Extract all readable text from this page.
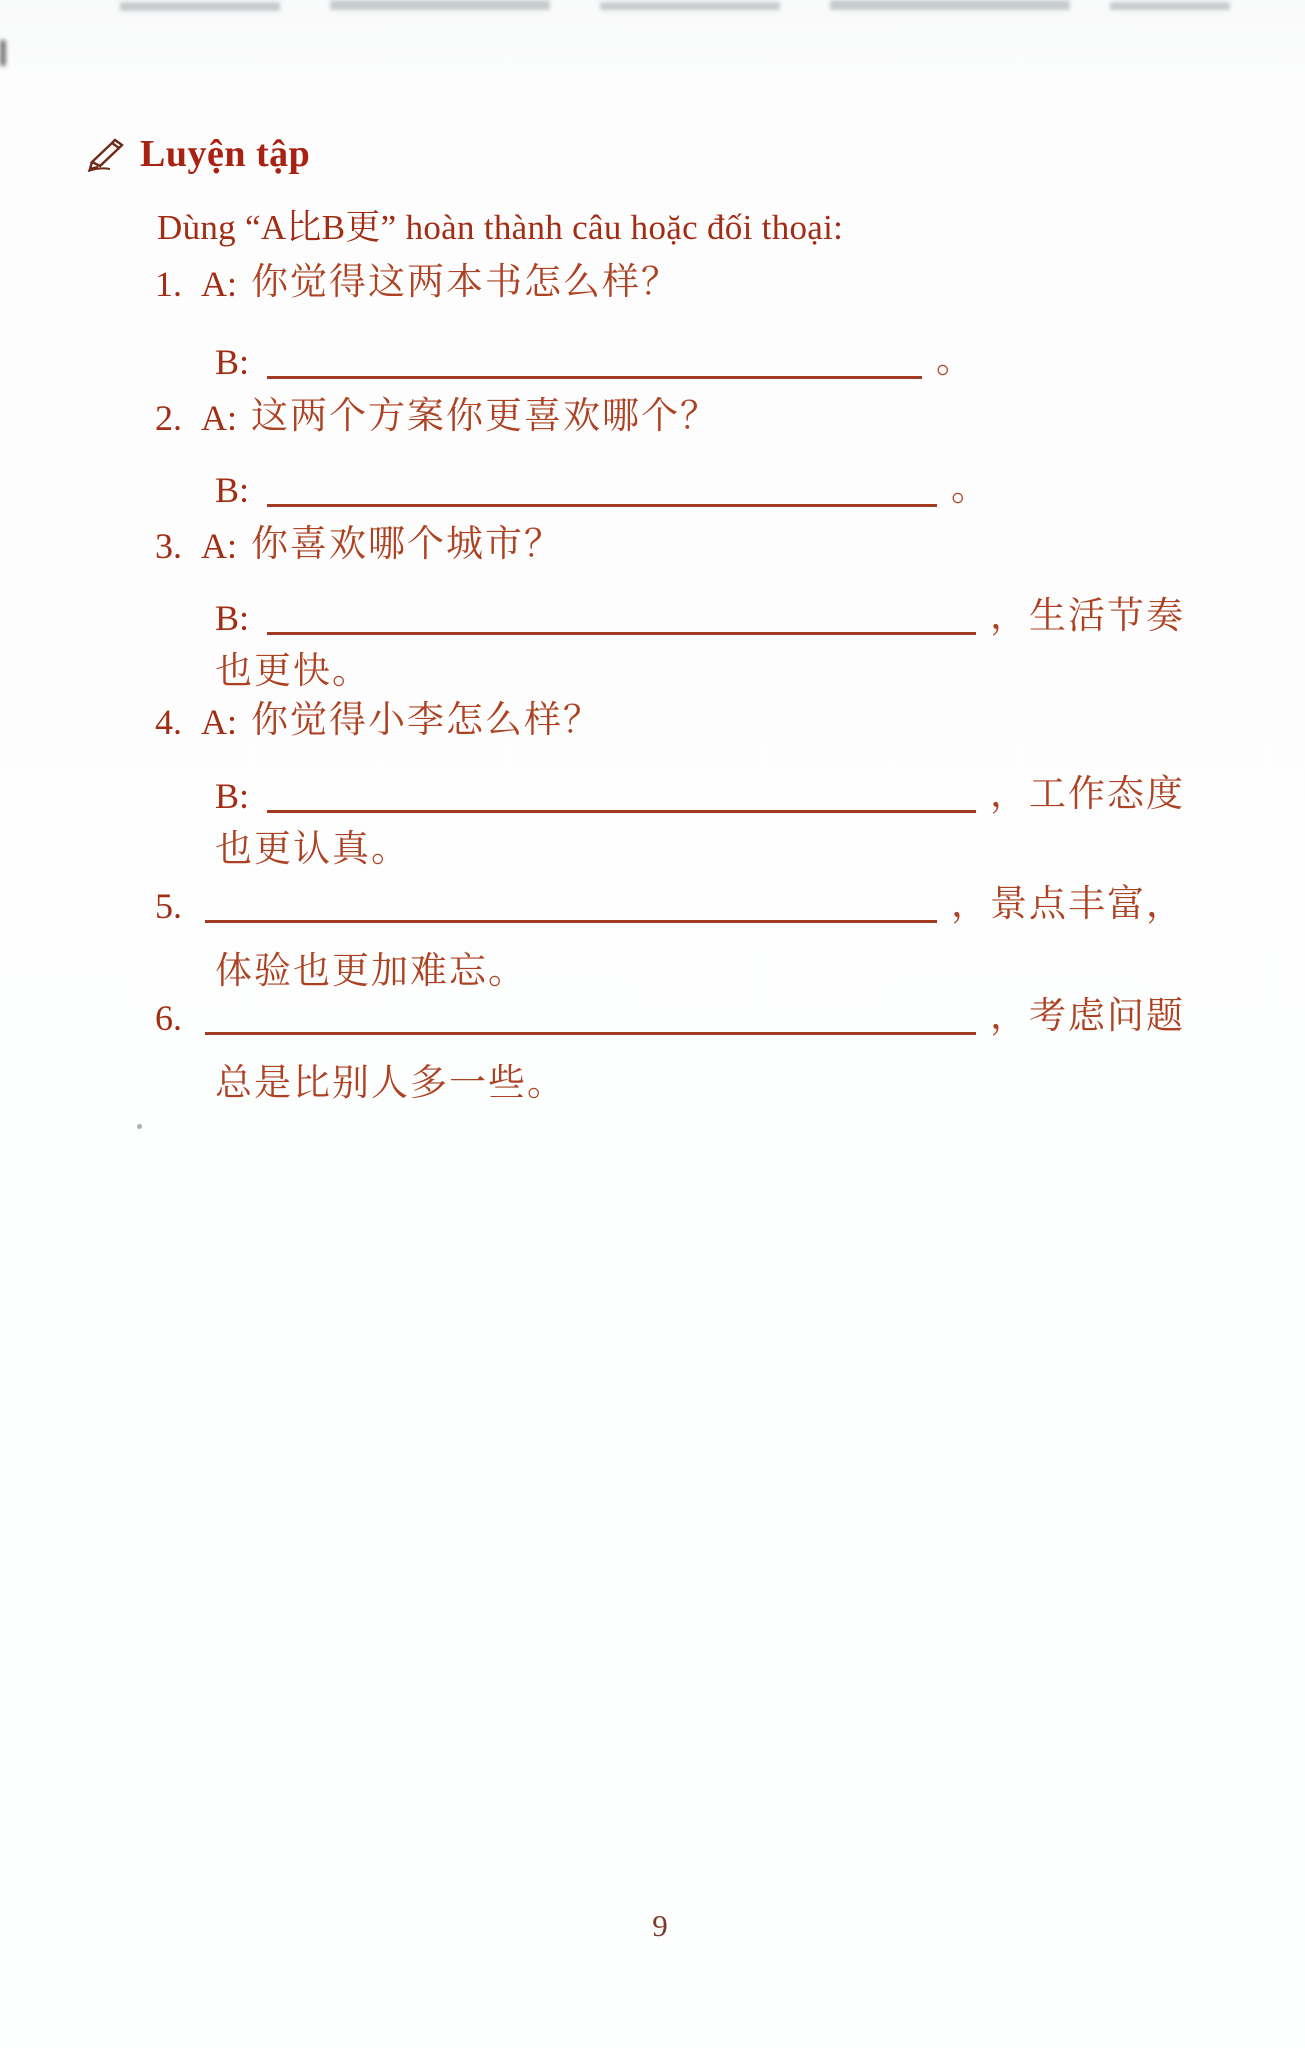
Luyện tập
Dùng “A比B更” hoàn thành câu hoặc đối thoại:
1. A: 你觉得这两本书怎么样？
B:	。
2. A: 这两个方案你更喜欢哪个？
B:	。
3. A: 你喜欢哪个城市？
B:	，生活节奏
也更快。
4. A: 你觉得小李怎么样？
B:	，工作态度
也更认真。
5.	，景点丰富，
体验也更加难忘。
6.	，考虑问题
总是比别人多一些。
9
